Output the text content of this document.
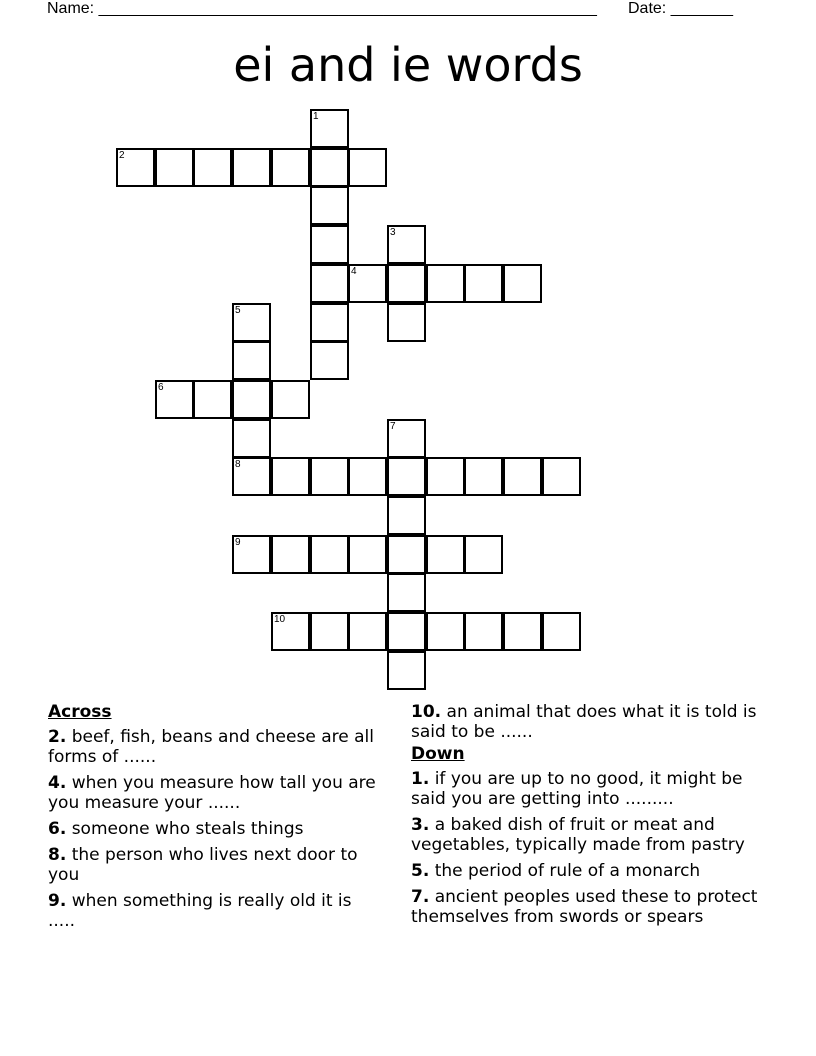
Name: ________________________________________________________ Date: _______
ei and ie words
1
2
3
4
5
6
7
8
9
10
Across
2. beef, fish, beans and cheese are all forms of ......
4. when you measure how tall you are you measure your ......
6. someone who steals things
8. the person who lives next door to you
9. when something is really old it is .....
10. an animal that does what it is told is said to be ......
Down
1. if you are up to no good, it might be said you are getting into .........
3. a baked dish of fruit or meat and vegetables, typically made from pastry
5. the period of rule of a monarch
7. ancient peoples used these to protect themselves from swords or spears
